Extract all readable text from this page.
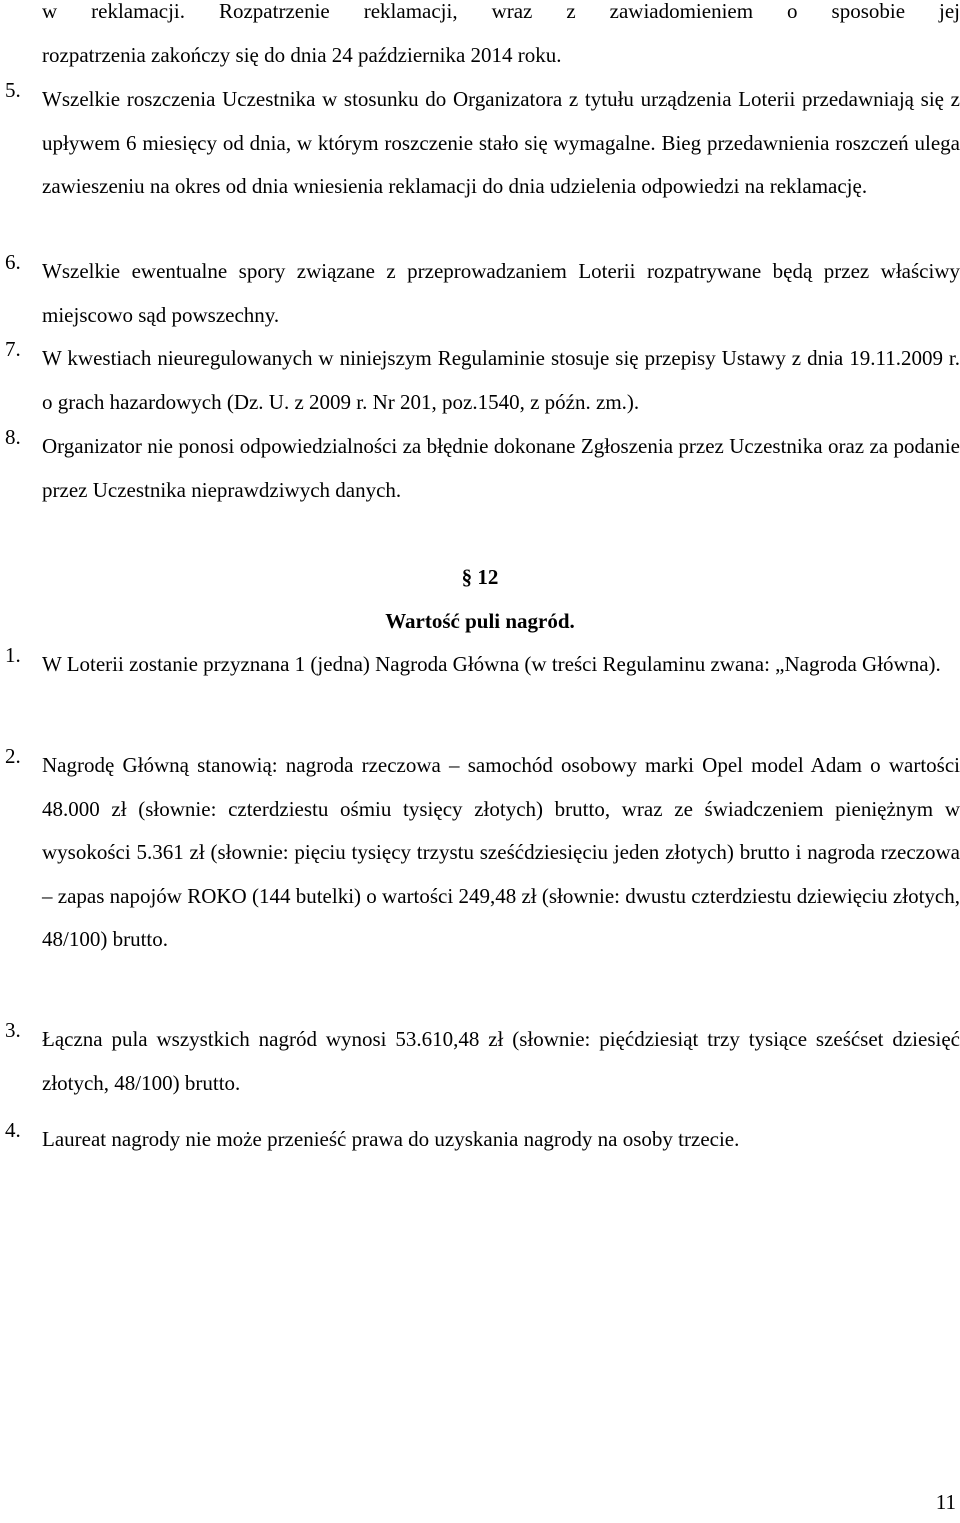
w reklamacji. Rozpatrzenie reklamacji, wraz z zawiadomieniem o sposobie jej
rozpatrzenia zakończy się do dnia 24 października 2014 roku.
5. Wszelkie roszczenia Uczestnika w stosunku do Organizatora z tytułu urządzenia Loterii przedawniają się z upływem 6 miesięcy od dnia, w którym roszczenie stało się wymagalne. Bieg przedawnienia roszczeń ulega zawieszeniu na okres od dnia wniesienia reklamacji do dnia udzielenia odpowiedzi na reklamację.
6. Wszelkie ewentualne spory związane z przeprowadzaniem Loterii rozpatrywane będą przez właściwy miejscowo sąd powszechny.
7. W kwestiach nieuregulowanych w niniejszym Regulaminie stosuje się przepisy Ustawy z dnia 19.11.2009 r. o grach hazardowych (Dz. U. z 2009 r. Nr 201, poz.1540, z późn. zm.).
8. Organizator nie ponosi odpowiedzialności za błędnie dokonane Zgłoszenia przez Uczestnika oraz za podanie przez Uczestnika nieprawdziwych danych.
§ 12
Wartość puli nagród.
1. W Loterii zostanie przyznana 1 (jedna) Nagroda Główna (w treści Regulaminu zwana: „Nagroda Główna).
2. Nagrodę Główną stanowią: nagroda rzeczowa – samochód osobowy marki Opel model Adam o wartości 48.000 zł (słownie: czterdziestu ośmiu tysięcy złotych) brutto, wraz ze świadczeniem pieniężnym w wysokości 5.361 zł (słownie: pięciu tysięcy trzystu sześćdziesięciu jeden złotych) brutto i nagroda rzeczowa – zapas napojów ROKO (144 butelki) o wartości 249,48 zł (słownie: dwustu czterdziestu dziewięciu złotych, 48/100) brutto.
3. Łączna pula wszystkich nagród wynosi 53.610,48 zł (słownie: pięćdziesiąt trzy tysiące sześćset dziesięć złotych, 48/100) brutto.
4. Laureat nagrody nie może przenieść prawa do uzyskania nagrody na osoby trzecie.
11
